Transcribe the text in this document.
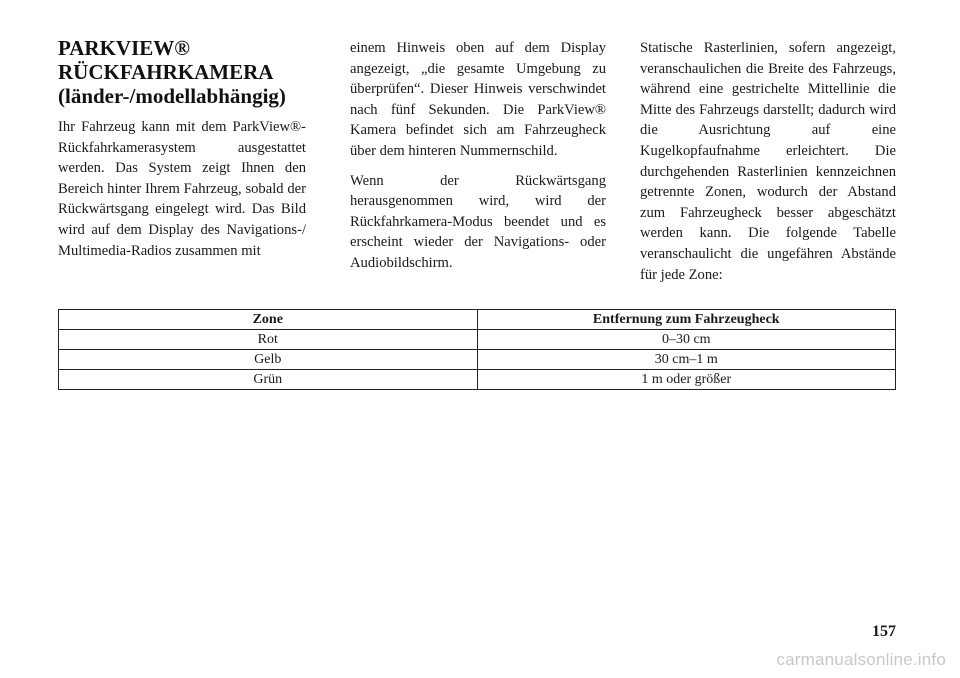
PARKVIEW®
RÜCKFAHRKAMERA
(länder-/modellabhängig)

Ihr Fahrzeug kann mit dem ParkView®-Rückfahrkamerasystem ausgestattet werden. Das System zeigt Ihnen den Bereich hinter Ihrem Fahrzeug, sobald der Rückwärtsgang eingelegt wird. Das Bild wird auf dem Display des Navigations-/ Multimedia-Radios zusammen mit

einem Hinweis oben auf dem Display angezeigt, „die gesamte Umgebung zu überprüfen“. Dieser Hinweis verschwindet nach fünf Sekunden. Die ParkView® Kamera befindet sich am Fahrzeugheck über dem hinteren Nummernschild.

Wenn der Rückwärtsgang herausgenommen wird, wird der Rückfahrkamera-Modus beendet und es erscheint wieder der Navigations- oder Audiobildschirm.

Statische Rasterlinien, sofern angezeigt, veranschaulichen die Breite des Fahrzeugs, während eine gestrichelte Mittellinie die Mitte des Fahrzeugs darstellt; dadurch wird die Ausrichtung auf eine Kugelkopfaufnahme erleichtert. Die durchgehenden Rasterlinien kennzeichnen getrennte Zonen, wodurch der Abstand zum Fahrzeugheck besser abgeschätzt werden kann. Die folgende Tabelle veranschaulicht die ungefähren Abstände für jede Zone:

Zone	Entfernung zum Fahrzeugheck
Rot	0–30 cm
Gelb	30 cm–1 m
Grün	1 m oder größer
157
carmanualsonline.info
